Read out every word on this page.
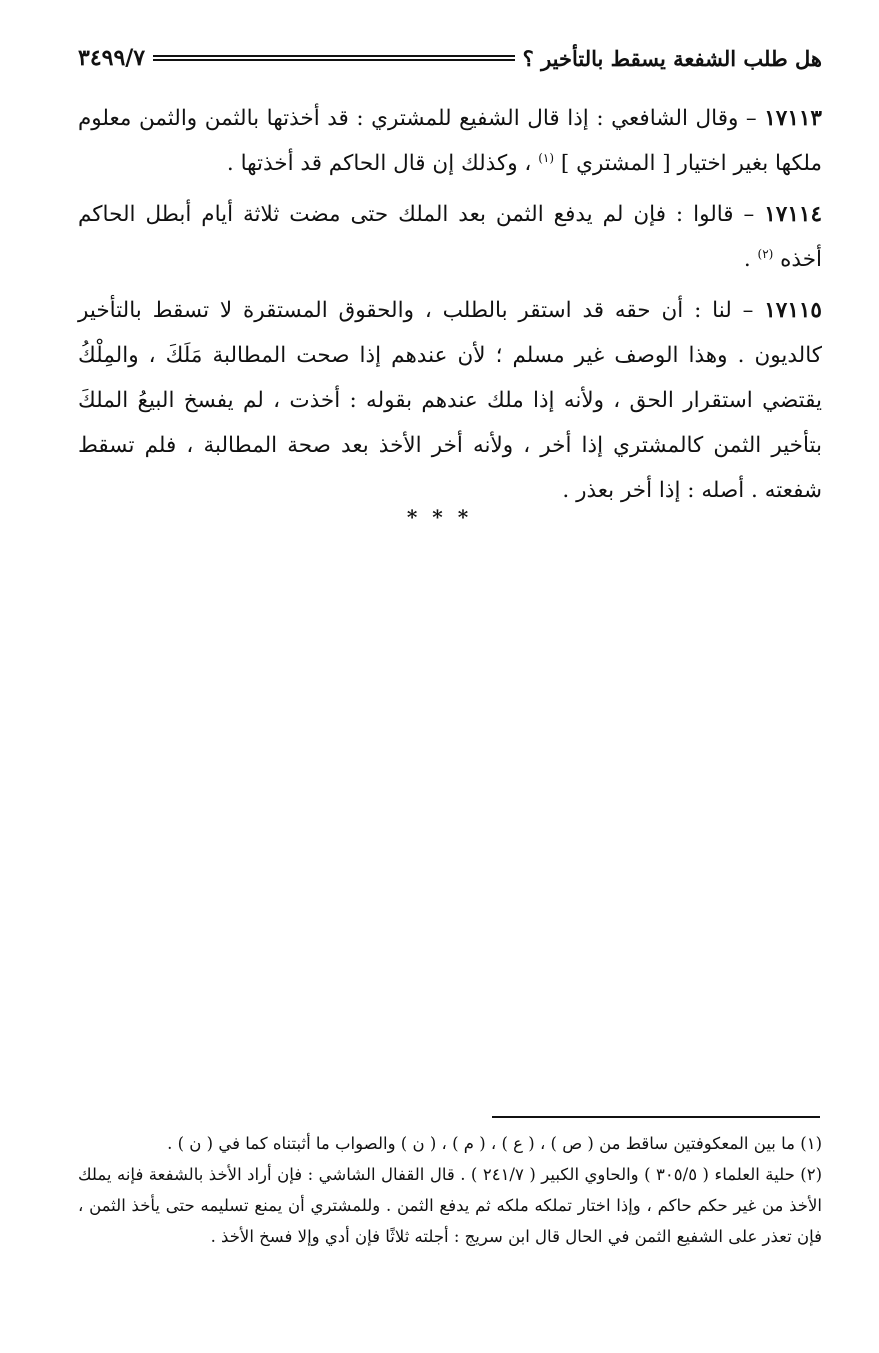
هل طلب الشفعة يسقط بالتأخير ؟
٣٤٩٩/٧

١٧١١٣ – وقال الشافعي : إذا قال الشفيع للمشتري : قد أخذتها بالثمن والثمن معلوم ملكها بغير اختيار [ المشتري ] $^{(١)}$ ، وكذلك إن قال الحاكم قد أخذتها .

١٧١١٤ – قالوا : فإن لم يدفع الثمن بعد الملك حتى مضت ثلاثة أيام أبطل الحاكم أخذه $^{(٢)}$ .

١٧١١٥ – لنا : أن حقه قد استقر بالطلب ، والحقوق المستقرة لا تسقط بالتأخير كالديون . وهذا الوصف غير مسلم ؛ لأن عندهم إذا صحت المطالبة مَلَكَ ، والمِلْكُ يقتضي استقرار الحق ، ولأنه إذا ملك عندهم بقوله : أخذت ، لم يفسخ البيعُ الملكَ بتأخير الثمن كالمشتري إذا أخر ، ولأنه أخر الأخذ بعد صحة المطالبة ، فلم تسقط شفعته . أصله : إذا أخر بعذر .

* * *

(١) ما بين المعكوفتين ساقط من ( ص ) ، ( ع ) ، ( م ) ، ( ن ) والصواب ما أثبتناه كما في ( ن ) .

(٢) حلية العلماء ( ٣٠٥/٥ ) والحاوي الكبير ( ٢٤١/٧ ) . قال القفال الشاشي : فإن أراد الأخذ بالشفعة فإنه يملك الأخذ من غير حكم حاكم ، وإذا اختار تملكه ملكه ثم يدفع الثمن . وللمشتري أن يمنع تسليمه حتى يأخذ الثمن ، فإن تعذر على الشفيع الثمن في الحال قال ابن سريج : أجلته ثلاثًا فإن أدي وإلا فسخ الأخذ .
